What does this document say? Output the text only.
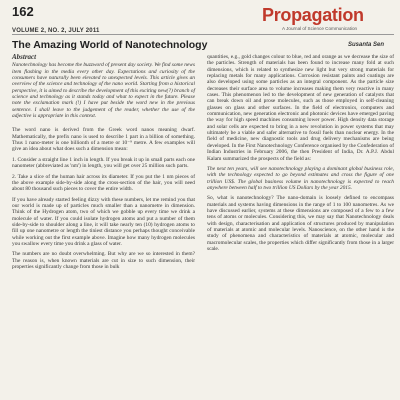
162
VOLUME 2, NO. 2, JULY 2011
Propagation
A Journal of Science Communication
The Amazing World of Nanotechnology	Susanta Sen
Abstract

Nanotechnology has become the buzzword of present day society. We find some news item flashing in the media every other day. Expectations and curiosity of the consumers have naturally been elevated to unexpected levels. This article gives an overview of the science and technology of the nano world. Starting from a historical perspective, it is aimed to describe the development of this exciting new(?) branch of science and technology as it stands today and what to expect in the future. Please note the exclamation mark (!) I have put beside the word new in the previous sentence. I shall leave to the judgement of the reader, whether the use of the adjective is appropriate in this context.

The word nano is derived from the Greek word nanos meaning dwarf. Mathematically, the prefix nano is used to describe 1 part in a billion of something. Thus 1 nano-meter is one billionth of a metre or 10⁻⁹ metre. A few examples will give an idea about what does such a dimension mean:

1. Consider a straight line 1 inch in length. If you break it up in small parts each one nanometer (abbreviated as 'nm') in length, you will get over 25 million such parts.

2. Take a slice of the human hair across its diameter. If you put the 1 nm pieces of the above example side-by-side along the cross-section of the hair, you will need about 80 thousand such pieces to cover the entire width.

If you have already started feeling dizzy with these numbers, let me remind you that our world is made up of particles much smaller than a nanometre in dimension. Think of the Hydrogen atom, two of which we gobble up every time we drink a molecule of water. If you could isolate hydrogen atoms and put a number of them side-by-side to shoulder along a line, it will take nearly ten (10) hydrogen atoms to fill up one nanometre or length the tiniest distance you perhaps thought conceivable while working out the first example above. Imagine how many hydrogen molecules you swallow every time you drink a glass of water.

The numbers are no doubt overwhelming. But why are we so interested in them? The reason is, when known materials are cut in size to such dimension, their properties significantly change from those in bulk

quantities, e.g., gold changes colour to blue, red and orange as we decrease the size of the particles. Strength of materials has been found to increase many fold at such dimensions, which is related to synthesize new light but very strong materials for replacing metals for many applications. Corrosion resistant paints and coatings are also developed using some particles as an integral component. As the particle size decreases their surface area to volume increases making them very reactive in many cases. This phenomenon led to the development of new generation of catalysts that can break down oil and prose molecules, such as those employed in self-cleaning glasses on glass and other surfaces. In the field of electronics, computers and communication, new generation electronic and photonic devices have emerged paving the way for high speed machines consuming lower power. High density data storage and solar cells are expected to bring in a new revolution in power systems that may ultimately be a viable and safer alternative to fossil fuels than nuclear energy. In the field of medicine, new diagnostic tools and drug delivery mechanisms are being developed. In the First Nanotechnology Conference organised by the Confederation of Indian Industries in February 2006, the then President of India, Dr. A.P.J. Abdul Kalam summarized the prospects of the field as:

The next ten years, will see nanotechnology playing a dominant global business role, with the technology expected to go beyond estimates and cross the figure of one trillion US$. The global business volume in nanotechnology is expected to reach anywhere between half to two trillion US Dollars by the year 2015.

So, what is nanotechnology? The nano-domain is loosely defined to encompass materials and systems having dimensions in the range of 1 to 100 nanometres. As we have discussed earlier, systems at these dimensions are composed of a few to a few tens of atoms or molecules. Considering this, we may say that Nanotechnology deals with design, characterisation and application of structures produced by manipulation of materials at atomic and molecular levels. Nanoscience, on the other hand is the study of phenomena and characteristics of materials at atomic, molecular and macromolecular scales, the properties which differ significantly from those in a larger scale.
